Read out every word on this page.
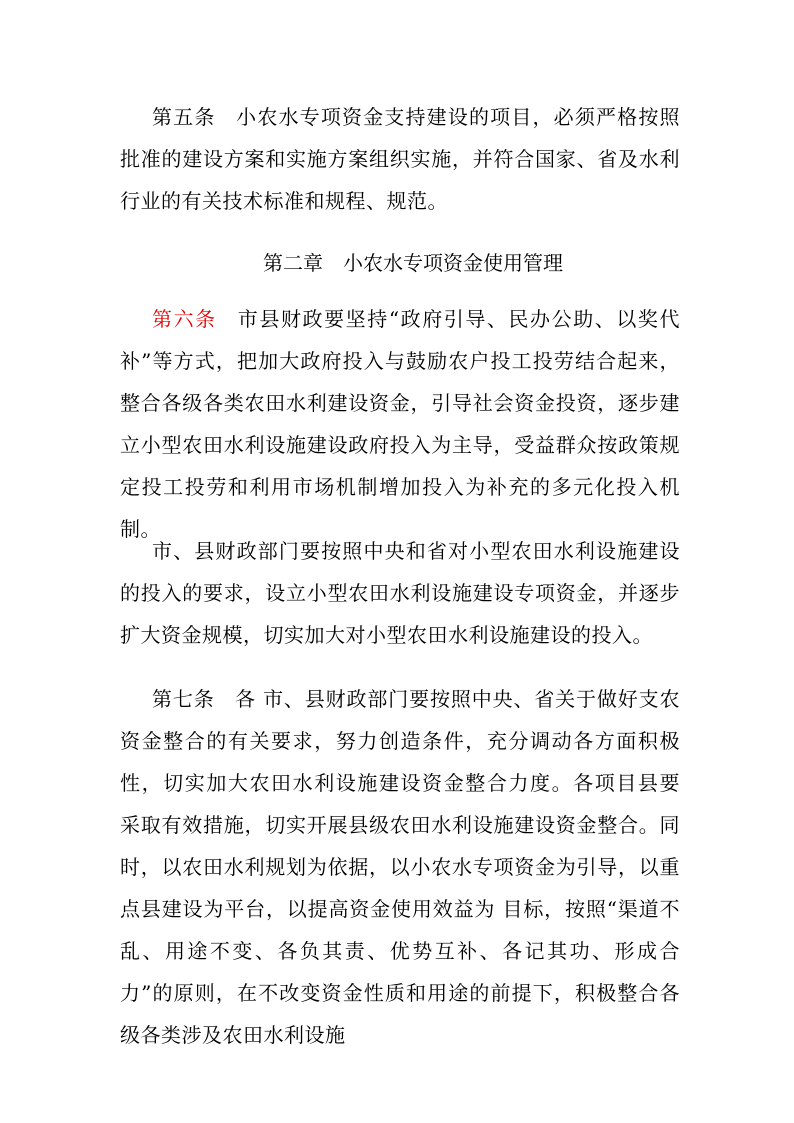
第五条 小农水专项资金支持建设的项目，必须严格按照批准的建设方案和实施方案组织实施，并符合国家、省及水利行业的有关技术标准和规程、规范。

第二章 小农水专项资金使用管理

第六条 市县财政要坚持“政府引导、民办公助、以奖代补”等方式，把加大政府投入与鼓励农户投工投劳结合起来，整合各级各类农田水利建设资金，引导社会资金投资，逐步建立小型农田水利设施建设政府投入为主导，受益群众按政策规定投工投劳和利用市场机制增加投入为补充的多元化投入机制。

市、县财政部门要按照中央和省对小型农田水利设施建设的投入的要求，设立小型农田水利设施建设专项资金，并逐步扩大资金规模，切实加大对小型农田水利设施建设的投入。

第七条 各 市、县财政部门要按照中央、省关于做好支农资金整合的有关要求，努力创造条件，充分调动各方面积极性，切实加大农田水利设施建设资金整合力度。各项目县要 采取有效措施，切实开展县级农田水利设施建设资金整合。同时，以农田水利规划为依据，以小农水专项资金为引导，以重点县建设为平台，以提高资金使用效益为 目标，按照“渠道不乱、用途不变、各负其责、优势互补、各记其功、形成合力”的原则，在不改变资金性质和用途的前提下，积极整合各级各类涉及农田水利设施
